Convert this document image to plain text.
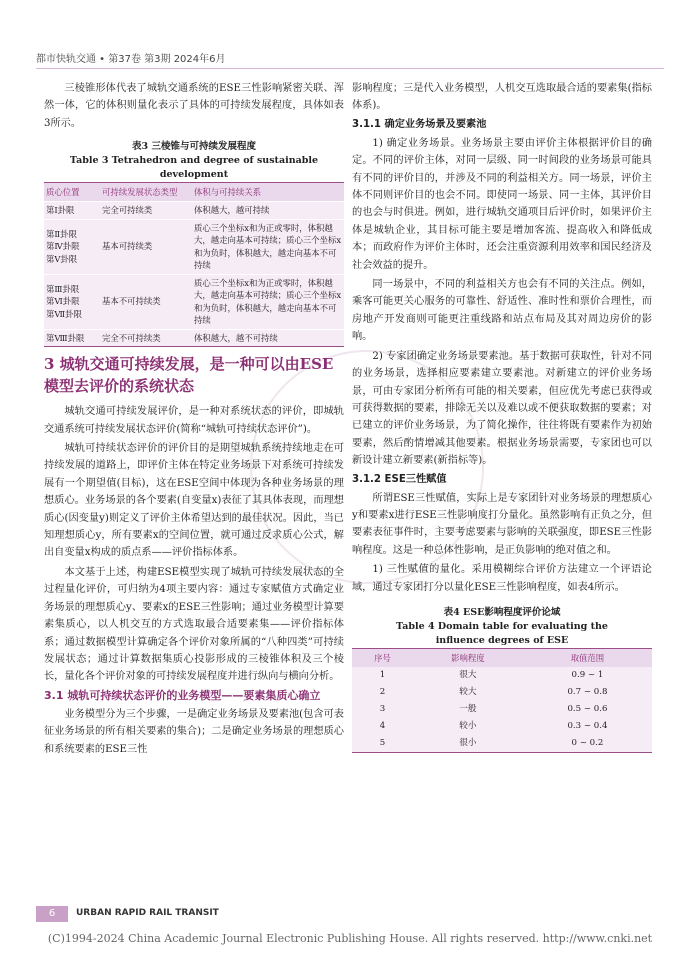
都市快轨交通 • 第37卷 第3期 2024年6月

三棱锥形体代表了城轨交通系统的ESE三性影响紧密关联、浑然一体，它的体积则量化表示了具体的可持续发展程度，具体如表3所示。

表3 三棱锥与可持续发展程度
Table 3 Tetrahedron and degree of sustainable development
质心位置	可持续发展状态类型	体积与可持续关系
第Ⅰ卦限	完全可持续类	体积越大，越可持续
第Ⅱ卦限
第Ⅳ卦限
第Ⅴ卦限	基本可持续类	质心三个坐标x和为正或零时，体积越大，越走向基本可持续；质心三个坐标x和为负时，体积越大，越走向基本不可持续
第Ⅲ卦限
第Ⅵ卦限
第Ⅶ卦限	基本不可持续类	质心三个坐标x和为正或零时，体积越大，越走向基本可持续；质心三个坐标x和为负时，体积越大，越走向基本不可持续
第Ⅷ卦限	完全不可持续类	体积越大，越不可持续
3 城轨交通可持续发展，是一种可以由ESE模型去评价的系统状态

城轨交通可持续发展评价，是一种对系统状态的评价，即城轨交通系统可持续发展状态评价(简称“城轨可持续状态评价”)。

城轨可持续状态评价的评价目的是期望城轨系统持续地走在可持续发展的道路上，即评价主体在特定业务场景下对系统可持续发展有一个期望值(目标)，这在ESE空间中体现为各种业务场景的理想质心。业务场景的各个要素(自变量x)表征了其具体表现，而理想质心(因变量y)则定义了评价主体希望达到的最佳状况。因此，当已知理想质心y，所有要素x的空间位置，就可通过反求质心公式，解出自变量x构成的质点系——评价指标体系。

本文基于上述，构建ESE模型实现了城轨可持续发展状态的全过程量化评价，可归纳为4项主要内容：通过专家赋值方式确定业务场景的理想质心y、要素x的ESE三性影响；通过业务模型计算要素集质心，以人机交互的方式选取最合适要素集——评价指标体系；通过数据模型计算确定各个评价对象所属的“八种四类”可持续发展状态；通过计算数据集质心投影形成的三棱锥体积及三个棱长，量化各个评价对象的可持续发展程度并进行纵向与横向分析。

3.1 城轨可持续状态评价的业务模型——要素集质心确立

业务模型分为三个步骤，一是确定业务场景及要素池(包含可表征业务场景的所有相关要素的集合)；二是确定业务场景的理想质心和系统要素的ESE三性

影响程度；三是代入业务模型，人机交互选取最合适的要素集(指标体系)。

3.1.1 确定业务场景及要素池

1) 确定业务场景。业务场景主要由评价主体根据评价目的确定。不同的评价主体，对同一层级、同一时间段的业务场景可能具有不同的评价目的，并涉及不同的利益相关方。同一场景，评价主体不同则评价目的也会不同。即使同一场景、同一主体，其评价目的也会与时俱进。例如，进行城轨交通项目后评价时，如果评价主体是城轨企业，其目标可能主要是增加客流、提高收入和降低成本；而政府作为评价主体时，还会注重资源利用效率和国民经济及社会效益的提升。

同一场景中，不同的利益相关方也会有不同的关注点。例如，乘客可能更关心服务的可靠性、舒适性、准时性和票价合理性，而房地产开发商则可能更注重线路和站点布局及其对周边房价的影响。

2) 专家团确定业务场景要素池。基于数据可获取性，针对不同的业务场景，选择相应要素建立要素池。对新建立的评价业务场景，可由专家团分析所有可能的相关要素，但应优先考虑已获得或可获得数据的要素，排除无关以及难以或不便获取数据的要素；对已建立的评价业务场景，为了简化操作，往往将既有要素作为初始要素，然后酌情增减其他要素。根据业务场景需要，专家团也可以新设计建立新要素(新指标等)。

3.1.2 ESE三性赋值

所谓ESE三性赋值，实际上是专家团针对业务场景的理想质心y和要素x进行ESE三性影响度打分量化。虽然影响有正负之分，但要素表征事件时，主要考虑要素与影响的关联强度，即ESE三性影响程度。这是一种总体性影响，是正负影响的绝对值之和。

1) 三性赋值的量化。采用模糊综合评价方法建立一个评语论域，通过专家团打分以量化ESE三性影响程度，如表4所示。

表4 ESE影响程度评价论域
Table 4 Domain table for evaluating the influence degrees of ESE
序号	影响程度	取值范围
1	很大	0.9 ~ 1
2	较大	0.7 ~ 0.8
3	一般	0.5 ~ 0.6
4	较小	0.3 ~ 0.4
5	很小	0 ~ 0.2
6	URBAN RAPID RAIL TRANSIT
(C)1994-2024 China Academic Journal Electronic Publishing House. All rights reserved. http://www.cnki.net
